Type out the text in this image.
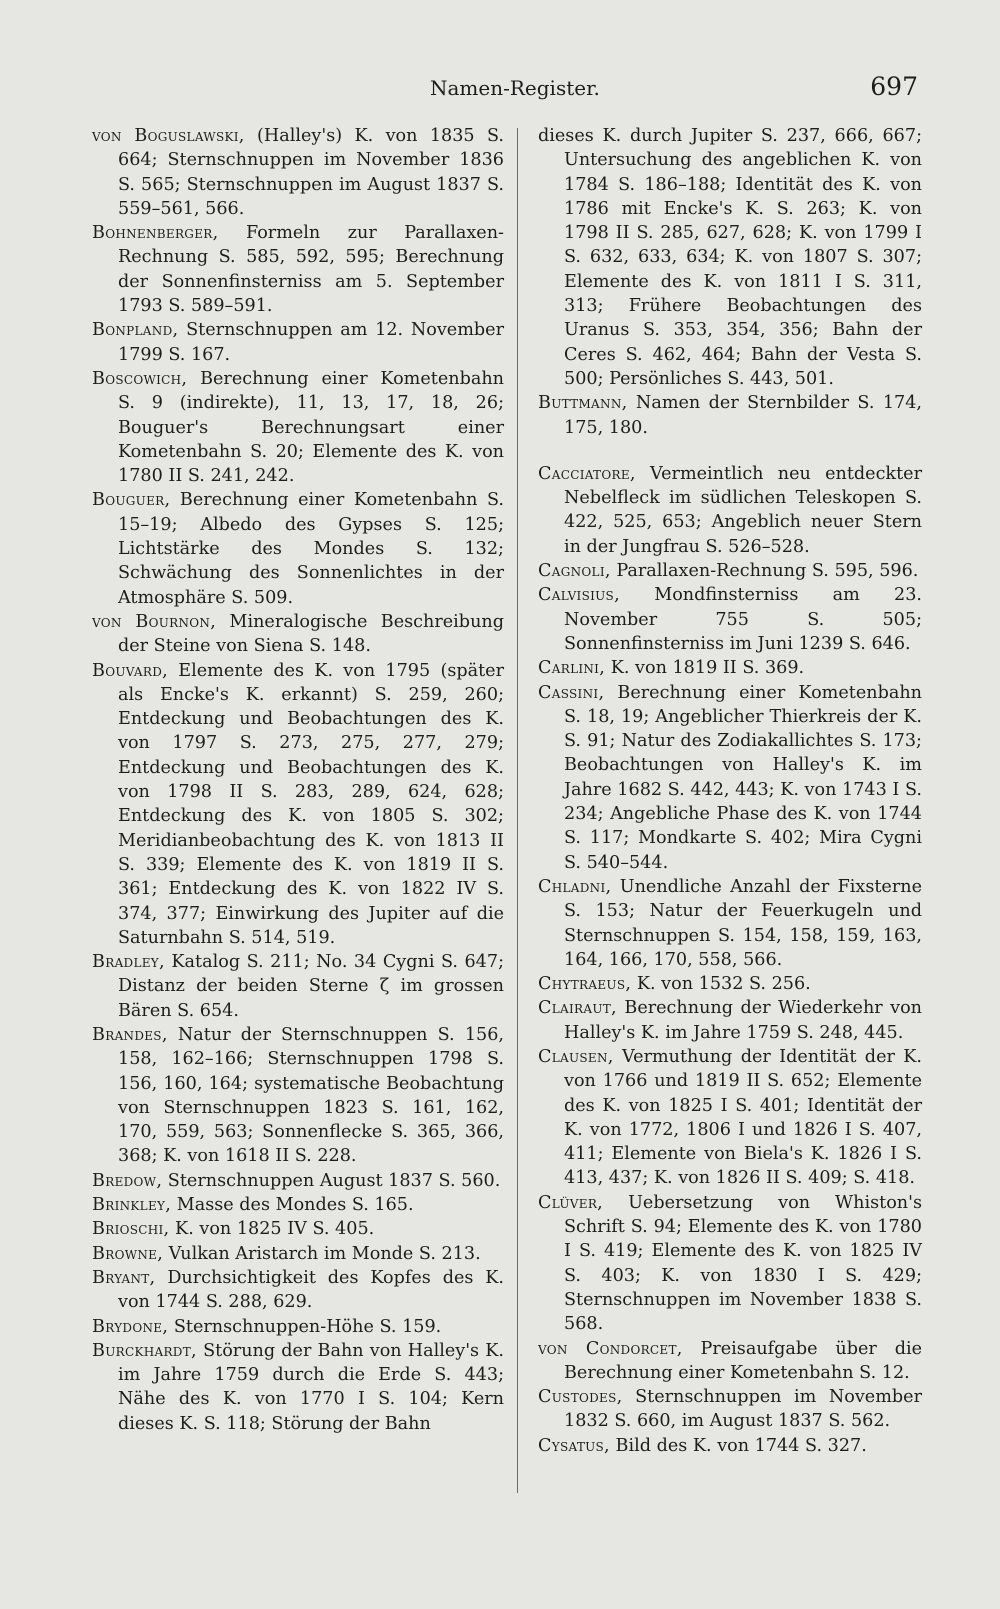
Namen-Register.	697

von Boguslawski, (Halley's) K. von 1835 S. 664; Sternschnuppen im November 1836 S. 565; Sternschnuppen im August 1837 S. 559–561, 566.

Bohnenberger, Formeln zur Parallaxen-Rechnung S. 585, 592, 595; Berechnung der Sonnenfinsterniss am 5. September 1793 S. 589–591.

Bonpland, Sternschnuppen am 12. November 1799 S. 167.

Boscowich, Berechnung einer Kometenbahn S. 9 (indirekte), 11, 13, 17, 18, 26; Bouguer's Berechnungsart einer Kometenbahn S. 20; Elemente des K. von 1780 II S. 241, 242.

Bouguer, Berechnung einer Kometenbahn S. 15–19; Albedo des Gypses S. 125; Lichtstärke des Mondes S. 132; Schwächung des Sonnenlichtes in der Atmosphäre S. 509.

von Bournon, Mineralogische Beschreibung der Steine von Siena S. 148.

Bouvard, Elemente des K. von 1795 (später als Encke's K. erkannt) S. 259, 260; Entdeckung und Beobachtungen des K. von 1797 S. 273, 275, 277, 279; Entdeckung und Beobachtungen des K. von 1798 II S. 283, 289, 624, 628; Entdeckung des K. von 1805 S. 302; Meridianbeobachtung des K. von 1813 II S. 339; Elemente des K. von 1819 II S. 361; Entdeckung des K. von 1822 IV S. 374, 377; Einwirkung des Jupiter auf die Saturnbahn S. 514, 519.

Bradley, Katalog S. 211; No. 34 Cygni S. 647; Distanz der beiden Sterne ζ im grossen Bären S. 654.

Brandes, Natur der Sternschnuppen S. 156, 158, 162–166; Sternschnuppen 1798 S. 156, 160, 164; systematische Beobachtung von Sternschnuppen 1823 S. 161, 162, 170, 559, 563; Sonnenflecke S. 365, 366, 368; K. von 1618 II S. 228.

Bredow, Sternschnuppen August 1837 S. 560.

Brinkley, Masse des Mondes S. 165.

Brioschi, K. von 1825 IV S. 405.

Browne, Vulkan Aristarch im Monde S. 213.

Bryant, Durchsichtigkeit des Kopfes des K. von 1744 S. 288, 629.

Brydone, Sternschnuppen-Höhe S. 159.

Burckhardt, Störung der Bahn von Halley's K. im Jahre 1759 durch die Erde S. 443; Nähe des K. von 1770 I S. 104; Kern dieses K. S. 118; Störung der Bahn

dieses K. durch Jupiter S. 237, 666, 667; Untersuchung des angeblichen K. von 1784 S. 186–188; Identität des K. von 1786 mit Encke's K. S. 263; K. von 1798 II S. 285, 627, 628; K. von 1799 I S. 632, 633, 634; K. von 1807 S. 307; Elemente des K. von 1811 I S. 311, 313; Frühere Beobachtungen des Uranus S. 353, 354, 356; Bahn der Ceres S. 462, 464; Bahn der Vesta S. 500; Persönliches S. 443, 501.

Buttmann, Namen der Sternbilder S. 174, 175, 180.

Cacciatore, Vermeintlich neu entdeckter Nebelfleck im südlichen Teleskopen S. 422, 525, 653; Angeblich neuer Stern in der Jungfrau S. 526–528.

Cagnoli, Parallaxen-Rechnung S. 595, 596.

Calvisius, Mondfinsterniss am 23. November 755 S. 505; Sonnenfinsterniss im Juni 1239 S. 646.

Carlini, K. von 1819 II S. 369.

Cassini, Berechnung einer Kometenbahn S. 18, 19; Angeblicher Thierkreis der K. S. 91; Natur des Zodiakallichtes S. 173; Beobachtungen von Halley's K. im Jahre 1682 S. 442, 443; K. von 1743 I S. 234; Angebliche Phase des K. von 1744 S. 117; Mondkarte S. 402; Mira Cygni S. 540–544.

Chladni, Unendliche Anzahl der Fixsterne S. 153; Natur der Feuerkugeln und Sternschnuppen S. 154, 158, 159, 163, 164, 166, 170, 558, 566.

Chytraeus, K. von 1532 S. 256.

Clairaut, Berechnung der Wiederkehr von Halley's K. im Jahre 1759 S. 248, 445.

Clausen, Vermuthung der Identität der K. von 1766 und 1819 II S. 652; Elemente des K. von 1825 I S. 401; Identität der K. von 1772, 1806 I und 1826 I S. 407, 411; Elemente von Biela's K. 1826 I S. 413, 437; K. von 1826 II S. 409; S. 418.

Clüver, Uebersetzung von Whiston's Schrift S. 94; Elemente des K. von 1780 I S. 419; Elemente des K. von 1825 IV S. 403; K. von 1830 I S. 429; Sternschnuppen im November 1838 S. 568.

von Condorcet, Preisaufgabe über die Berechnung einer Kometenbahn S. 12.

Custodes, Sternschnuppen im November 1832 S. 660, im August 1837 S. 562.

Cysatus, Bild des K. von 1744 S. 327.
